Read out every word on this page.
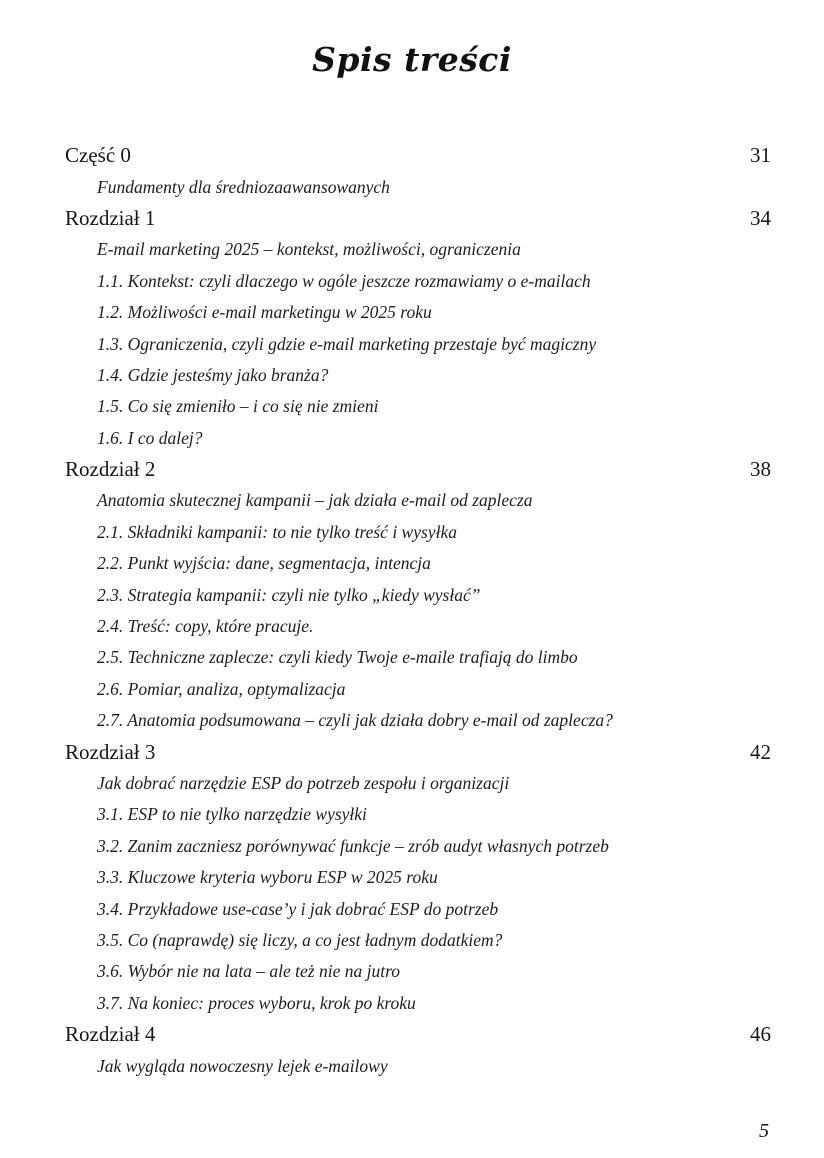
Spis treści
Część 0	31
Fundamenty dla średniozaawansowanych
Rozdział 1	34
E-mail marketing 2025 – kontekst, możliwości, ograniczenia
1.1. Kontekst: czyli dlaczego w ogóle jeszcze rozmawiamy o e-mailach
1.2. Możliwości e-mail marketingu w 2025 roku
1.3. Ograniczenia, czyli gdzie e-mail marketing przestaje być magiczny
1.4. Gdzie jesteśmy jako branża?
1.5. Co się zmieniło – i co się nie zmieni
1.6. I co dalej?
Rozdział 2	38
Anatomia skutecznej kampanii – jak działa e-mail od zaplecza
2.1. Składniki kampanii: to nie tylko treść i wysyłka
2.2. Punkt wyjścia: dane, segmentacja, intencja
2.3. Strategia kampanii: czyli nie tylko „kiedy wysłać”
2.4. Treść: copy, które pracuje.
2.5. Techniczne zaplecze: czyli kiedy Twoje e-maile trafiają do limbo
2.6. Pomiar, analiza, optymalizacja
2.7. Anatomia podsumowana – czyli jak działa dobry e-mail od zaplecza?
Rozdział 3	42
Jak dobrać narzędzie ESP do potrzeb zespołu i organizacji
3.1. ESP to nie tylko narzędzie wysyłki
3.2. Zanim zaczniesz porównywać funkcje – zrób audyt własnych potrzeb
3.3. Kluczowe kryteria wyboru ESP w 2025 roku
3.4. Przykładowe use-case’y i jak dobrać ESP do potrzeb
3.5. Co (naprawdę) się liczy, a co jest ładnym dodatkiem?
3.6. Wybór nie na lata – ale też nie na jutro
3.7. Na koniec: proces wyboru, krok po kroku
Rozdział 4	46
Jak wygląda nowoczesny lejek e-mailowy
5
